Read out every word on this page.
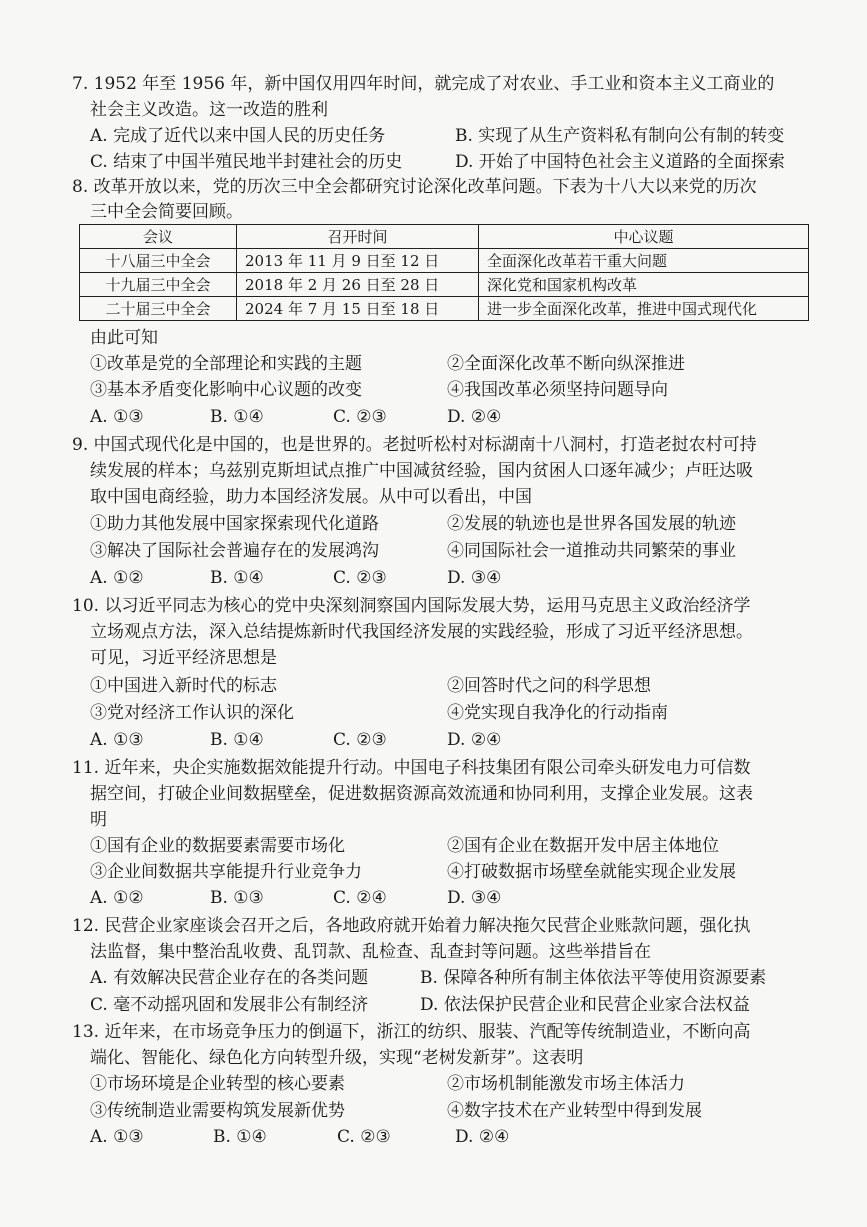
7. 1952 年至 1956 年，新中国仅用四年时间，就完成了对农业、手工业和资本主义工商业的
社会主义改造。这一改造的胜利
A. 完成了近代以来中国人民的历史任务	B. 实现了从生产资料私有制向公有制的转变
C. 结束了中国半殖民地半封建社会的历史	D. 开始了中国特色社会主义道路的全面探索
8. 改革开放以来，党的历次三中全会都研究讨论深化改革问题。下表为十八大以来党的历次
三中全会简要回顾。
会议	召开时间	中心议题
十八届三中全会	2013 年 11 月 9 日至 12 日	全面深化改革若干重大问题
十九届三中全会	2018 年 2 月 26 日至 28 日	深化党和国家机构改革
二十届三中全会	2024 年 7 月 15 日至 18 日	进一步全面深化改革，推进中国式现代化
由此可知
①改革是党的全部理论和实践的主题	②全面深化改革不断向纵深推进
③基本矛盾变化影响中心议题的改变	④我国改革必须坚持问题导向
A. ①③	B. ①④	C. ②③	D. ②④
9. 中国式现代化是中国的，也是世界的。老挝听松村对标湖南十八洞村，打造老挝农村可持
续发展的样本；乌兹别克斯坦试点推广中国减贫经验，国内贫困人口逐年减少；卢旺达吸
取中国电商经验，助力本国经济发展。从中可以看出，中国
①助力其他发展中国家探索现代化道路	②发展的轨迹也是世界各国发展的轨迹
③解决了国际社会普遍存在的发展鸿沟	④同国际社会一道推动共同繁荣的事业
A. ①②	B. ①④	C. ②③	D. ③④
10. 以习近平同志为核心的党中央深刻洞察国内国际发展大势，运用马克思主义政治经济学
立场观点方法，深入总结提炼新时代我国经济发展的实践经验，形成了习近平经济思想。
可见，习近平经济思想是
①中国进入新时代的标志	②回答时代之问的科学思想
③党对经济工作认识的深化	④党实现自我净化的行动指南
A. ①③	B. ①④	C. ②③	D. ②④
11. 近年来，央企实施数据效能提升行动。中国电子科技集团有限公司牵头研发电力可信数
据空间，打破企业间数据壁垒，促进数据资源高效流通和协同利用，支撑企业发展。这表
明
①国有企业的数据要素需要市场化	②国有企业在数据开发中居主体地位
③企业间数据共享能提升行业竞争力	④打破数据市场壁垒就能实现企业发展
A. ①②	B. ①③	C. ②④	D. ③④
12. 民营企业家座谈会召开之后，各地政府就开始着力解决拖欠民营企业账款问题，强化执
法监督，集中整治乱收费、乱罚款、乱检查、乱查封等问题。这些举措旨在
A. 有效解决民营企业存在的各类问题	B. 保障各种所有制主体依法平等使用资源要素
C. 毫不动摇巩固和发展非公有制经济	D. 依法保护民营企业和民营企业家合法权益
13. 近年来，在市场竞争压力的倒逼下，浙江的纺织、服装、汽配等传统制造业，不断向高
端化、智能化、绿色化方向转型升级，实现“老树发新芽”。这表明
①市场环境是企业转型的核心要素	②市场机制能激发市场主体活力
③传统制造业需要构筑发展新优势	④数字技术在产业转型中得到发展
A. ①③	B. ①④	C. ②③	D. ②④
